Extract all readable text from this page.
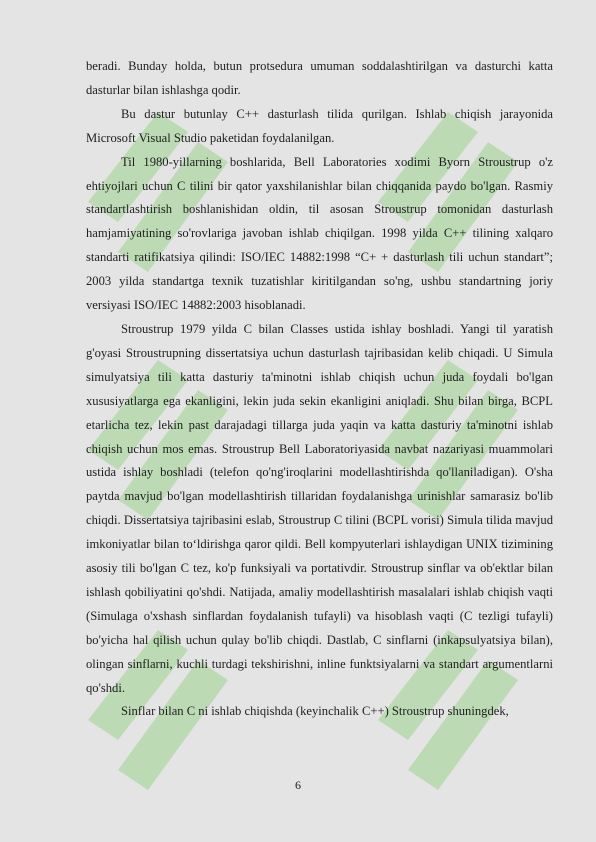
beradi. Bunday holda, butun protsedura umuman soddalashtirilgan va dasturchi katta dasturlar bilan ishlashga qodir.

Bu dastur butunlay C++ dasturlash tilida qurilgan. Ishlab chiqish jarayonida Microsoft Visual Studio paketidan foydalanilgan.

Til 1980-yillarning boshlarida, Bell Laboratories xodimi Byorn Stroustrup o'z ehtiyojlari uchun C tilini bir qator yaxshilanishlar bilan chiqqanida paydo bo'lgan. Rasmiy standartlashtirish boshlanishidan oldin, til asosan Stroustrup tomonidan dasturlash hamjamiyatining so'rovlariga javoban ishlab chiqilgan. 1998 yilda C++ tilining xalqaro standarti ratifikatsiya qilindi: ISO/IEC 14882:1998 “C+ + dasturlash tili uchun standart”; 2003 yilda standartga texnik tuzatishlar kiritilgandan so'ng, ushbu standartning joriy versiyasi ISO/IEC 14882:2003 hisoblanadi.

Stroustrup 1979 yilda C bilan Classes ustida ishlay boshladi. Yangi til yaratish g'oyasi Stroustrupning dissertatsiya uchun dasturlash tajribasidan kelib chiqadi. U Simula simulyatsiya tili katta dasturiy ta'minotni ishlab chiqish uchun juda foydali bo'lgan xususiyatlarga ega ekanligini, lekin juda sekin ekanligini aniqladi. Shu bilan birga, BCPL etarlicha tez, lekin past darajadagi tillarga juda yaqin va katta dasturiy ta'minotni ishlab chiqish uchun mos emas. Stroustrup Bell Laboratoriyasida navbat nazariyasi muammolari ustida ishlay boshladi (telefon qo'ng'iroqlarini modellashtirishda qo'llaniladigan). O'sha paytda mavjud bo'lgan modellashtirish tillaridan foydalanishga urinishlar samarasiz bo'lib chiqdi. Dissertatsiya tajribasini eslab, Stroustrup C tilini (BCPL vorisi) Simula tilida mavjud imkoniyatlar bilan to‘ldirishga qaror qildi. Bell kompyuterlari ishlaydigan UNIX tizimining asosiy tili bo'lgan C tez, ko'p funksiyali va portativdir. Stroustrup sinflar va ob'ektlar bilan ishlash qobiliyatini qo'shdi. Natijada, amaliy modellashtirish masalalari ishlab chiqish vaqti (Simulaga o'xshash sinflardan foydalanish tufayli) va hisoblash vaqti (C tezligi tufayli) bo'yicha hal qilish uchun qulay bo'lib chiqdi. Dastlab, C sinflarni (inkapsulyatsiya bilan), olingan sinflarni, kuchli turdagi tekshirishni, inline funktsiyalarni va standart argumentlarni qo'shdi.

Sinflar bilan C ni ishlab chiqishda (keyinchalik C++) Stroustrup shuningdek,

6
